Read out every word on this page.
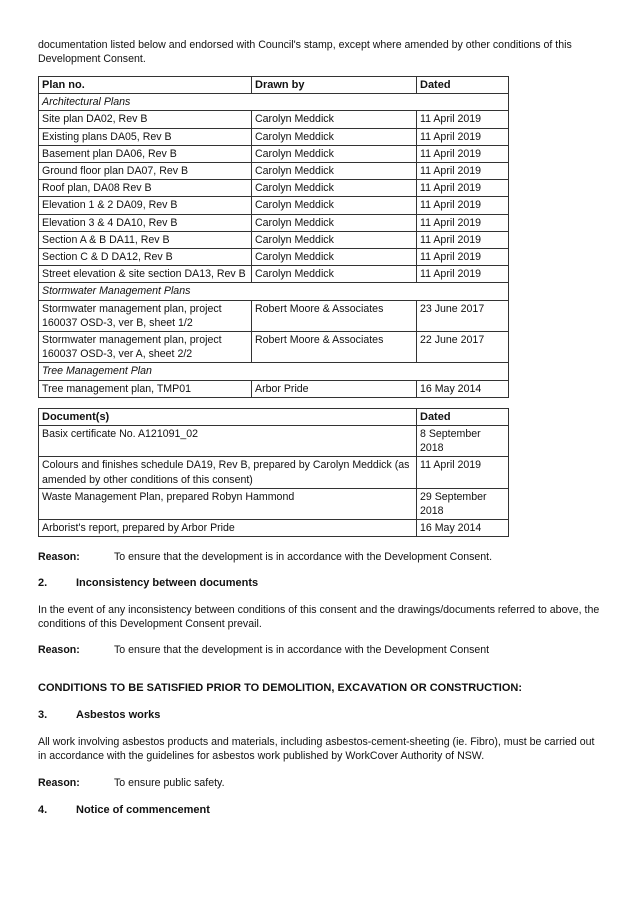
documentation listed below and endorsed with Council's stamp, except where amended by other conditions of this Development Consent.

Plan no.	Drawn by	Dated
Architectural Plans		
Site plan DA02, Rev B	Carolyn Meddick	11 April 2019
Existing plans DA05, Rev B	Carolyn Meddick	11 April 2019
Basement plan DA06, Rev B	Carolyn Meddick	11 April 2019
Ground floor plan DA07, Rev B	Carolyn Meddick	11 April 2019
Roof plan, DA08 Rev B	Carolyn Meddick	11 April 2019
Elevation 1 & 2 DA09, Rev B	Carolyn Meddick	11 April 2019
Elevation 3 & 4 DA10, Rev B	Carolyn Meddick	11 April 2019
Section A & B DA11, Rev B	Carolyn Meddick	11 April 2019
Section C & D DA12, Rev B	Carolyn Meddick	11 April 2019
Street elevation & site section DA13, Rev B	Carolyn Meddick	11 April 2019
Stormwater Management Plans		
Stormwater management plan, project 160037 OSD-3, ver B, sheet 1/2	Robert Moore & Associates	23 June 2017
Stormwater management plan, project 160037 OSD-3, ver A, sheet 2/2	Robert Moore & Associates	22 June 2017
Tree Management Plan		
Tree management plan, TMP01	Arbor Pride	16 May 2014
Document(s)	Dated
Basix certificate No. A121091_02	8 September 2018
Colours and finishes schedule DA19, Rev B, prepared by Carolyn Meddick (as amended by other conditions of this consent)	11 April 2019
Waste Management Plan, prepared Robyn Hammond	29 September 2018
Arborist's report, prepared by Arbor Pride	16 May 2014
Reason:	To ensure that the development is in accordance with the Development Consent.
2.	Inconsistency between documents

In the event of any inconsistency between conditions of this consent and the drawings/documents referred to above, the conditions of this Development Consent prevail.

Reason:	To ensure that the development is in accordance with the Development Consent
CONDITIONS TO BE SATISFIED PRIOR TO DEMOLITION, EXCAVATION OR CONSTRUCTION:
3.	Asbestos works

All work involving asbestos products and materials, including asbestos-cement-sheeting (ie. Fibro), must be carried out in accordance with the guidelines for asbestos work published by WorkCover Authority of NSW.

Reason:	To ensure public safety.
4.	Notice of commencement
